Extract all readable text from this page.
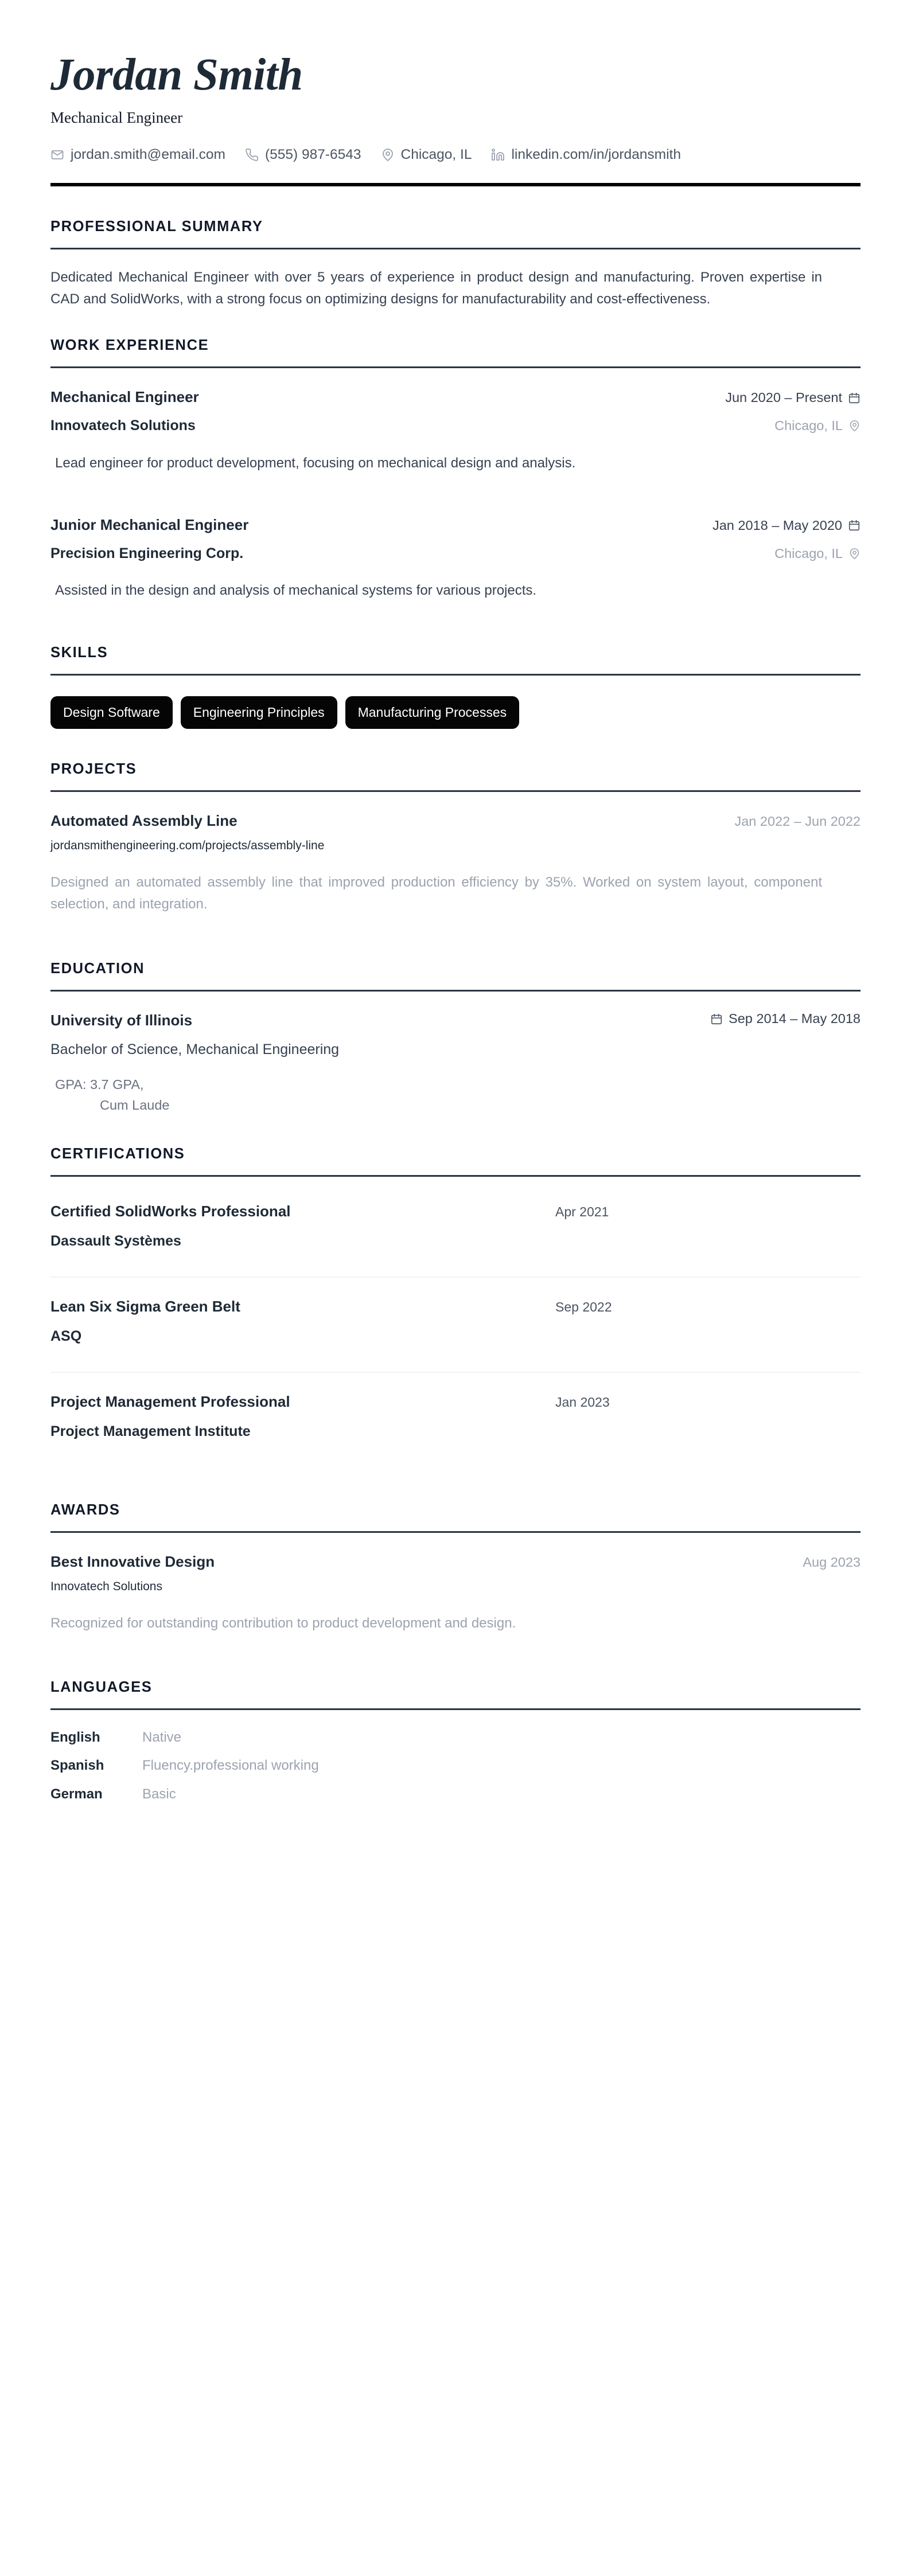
Jordan Smith
Mechanical Engineer
jordan.smith@email.com	(555) 987-6543	Chicago, IL	linkedin.com/in/jordansmith
PROFESSIONAL SUMMARY
Dedicated Mechanical Engineer with over 5 years of experience in product design and manufacturing. Proven expertise in CAD and SolidWorks, with a strong focus on optimizing designs for manufacturability and cost-effectiveness.
WORK EXPERIENCE
Mechanical Engineer	Jun 2020 – Present
Innovatech Solutions	Chicago, IL
Lead engineer for product development, focusing on mechanical design and analysis.
Junior Mechanical Engineer	Jan 2018 – May 2020
Precision Engineering Corp.	Chicago, IL
Assisted in the design and analysis of mechanical systems for various projects.
SKILLS
Design Software	Engineering Principles	Manufacturing Processes
PROJECTS
Automated Assembly Line	Jan 2022 – Jun 2022
jordansmithengineering.com/projects/assembly-line
Designed an automated assembly line that improved production efficiency by 35%. Worked on system layout, component selection, and integration.
EDUCATION
University of Illinois	Sep 2014 – May 2018
Bachelor of Science, Mechanical Engineering
GPA: 3.7 GPA,
Cum Laude
CERTIFICATIONS
Certified SolidWorks Professional	Apr 2021
Dassault Systèmes
Lean Six Sigma Green Belt	Sep 2022
ASQ
Project Management Professional	Jan 2023
Project Management Institute
AWARDS
Best Innovative Design	Aug 2023
Innovatech Solutions
Recognized for outstanding contribution to product development and design.
LANGUAGES
English	Native
Spanish	Fluency.professional working
German	Basic
